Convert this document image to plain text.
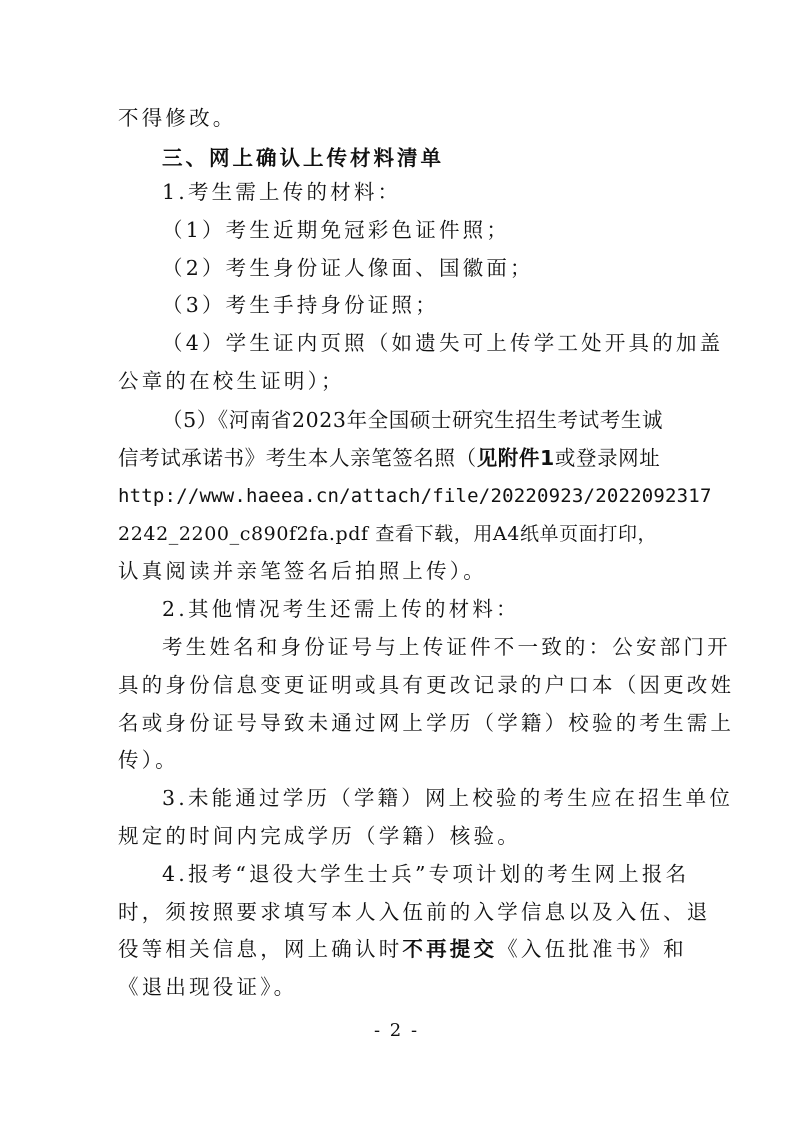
不得修改。
三、网上确认上传材料清单
1.考生需上传的材料：
（1）考生近期免冠彩色证件照；
（2）考生身份证人像面、国徽面；
（3）考生手持身份证照；
（4）学生证内页照（如遗失可上传学工处开具的加盖
公章的在校生证明）；
（5）《河南省2023年全国硕士研究生招生考试考生诚
信考试承诺书》考生本人亲笔签名照（见附件1或登录网址
http://www.haeea.cn/attach/file/20220923/2022092317
2242_2200_c890f2fa.pdf 查看下载，用A4纸单页面打印，
认真阅读并亲笔签名后拍照上传）。
2.其他情况考生还需上传的材料：
考生姓名和身份证号与上传证件不一致的：公安部门开
具的身份信息变更证明或具有更改记录的户口本（因更改姓
名或身份证号导致未通过网上学历（学籍）校验的考生需上
传）。
3.未能通过学历（学籍）网上校验的考生应在招生单位
规定的时间内完成学历（学籍）核验。
4.报考“退役大学生士兵”专项计划的考生网上报名
时，须按照要求填写本人入伍前的入学信息以及入伍、退
役等相关信息，网上确认时不再提交《入伍批准书》和
《退出现役证》。
- 2 -
